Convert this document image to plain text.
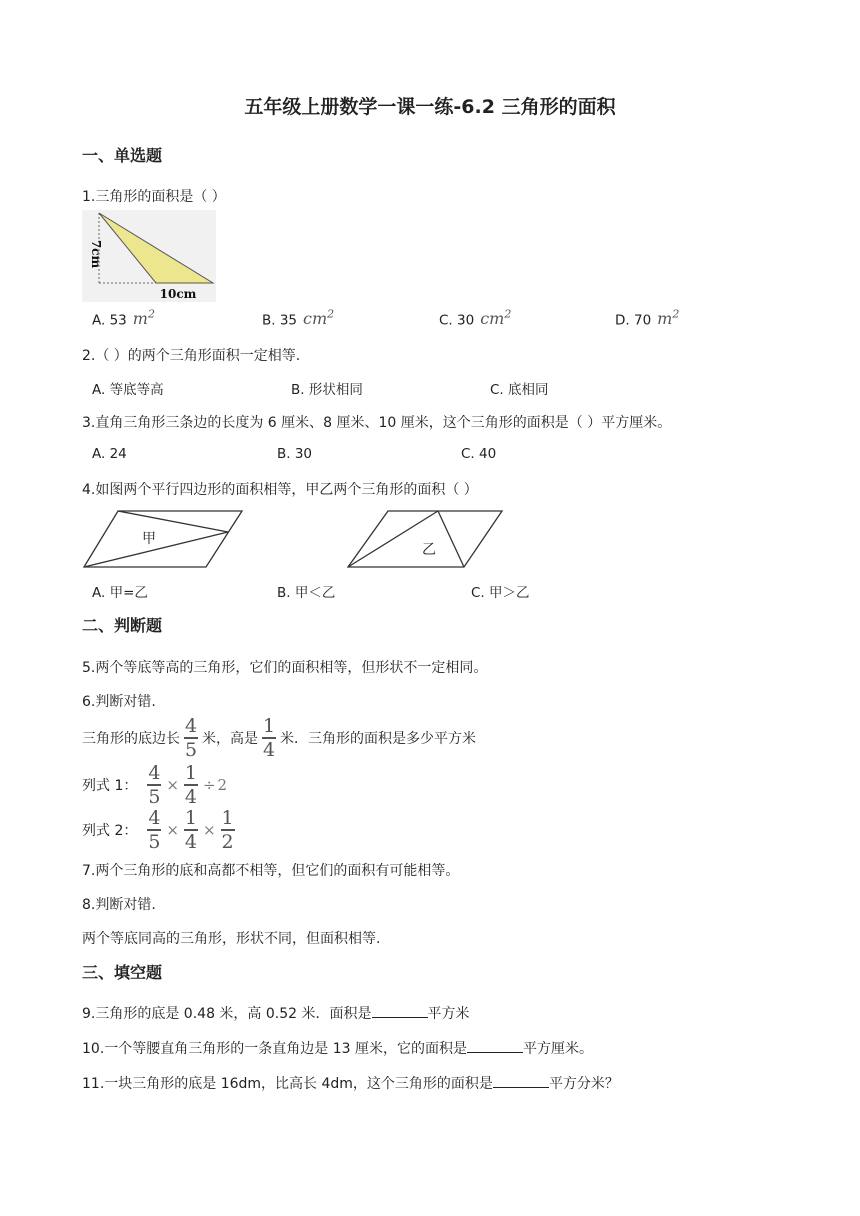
五年级上册数学一课一练-6.2 三角形的面积
一、单选题
1.三角形的面积是（ ）
7cm
10cm
A. 53 $m^2$	B. 35 $cm^2$	C. 30 $cm^2$	D. 70 $m^2$
2.（ ）的两个三角形面积一定相等.
A. 等底等高	B. 形状相同	C. 底相同
3.直角三角形三条边的长度为 6 厘米、8 厘米、10 厘米，这个三角形的面积是（ ）平方厘米。
A. 24	B. 30	C. 40
4.如图两个平行四边形的面积相等，甲乙两个三角形的面积（ ）
甲
乙
A. 甲=乙	B. 甲＜乙	C. 甲＞乙
二、判断题
5.两个等底等高的三角形，它们的面积相等，但形状不一定相同。
6.判断对错.
三角形的底边长 $\frac{4}{5}$ 米，高是 $\frac{1}{4}$ 米．三角形的面积是多少平方米
列式 1： $\frac{4}{5} \times \frac{1}{4} \div 2$
列式 2： $\frac{4}{5} \times \frac{1}{4} \times \frac{1}{2}$
7.两个三角形的底和高都不相等，但它们的面积有可能相等。
8.判断对错.
两个等底同高的三角形，形状不同，但面积相等.
三、填空题
9.三角形的底是 0.48 米，高 0.52 米．面积是	平方米
10.一个等腰直角三角形的一条直角边是 13 厘米，它的面积是	平方厘米。
11.一块三角形的底是 16dm，比高长 4dm，这个三角形的面积是	平方分米？
